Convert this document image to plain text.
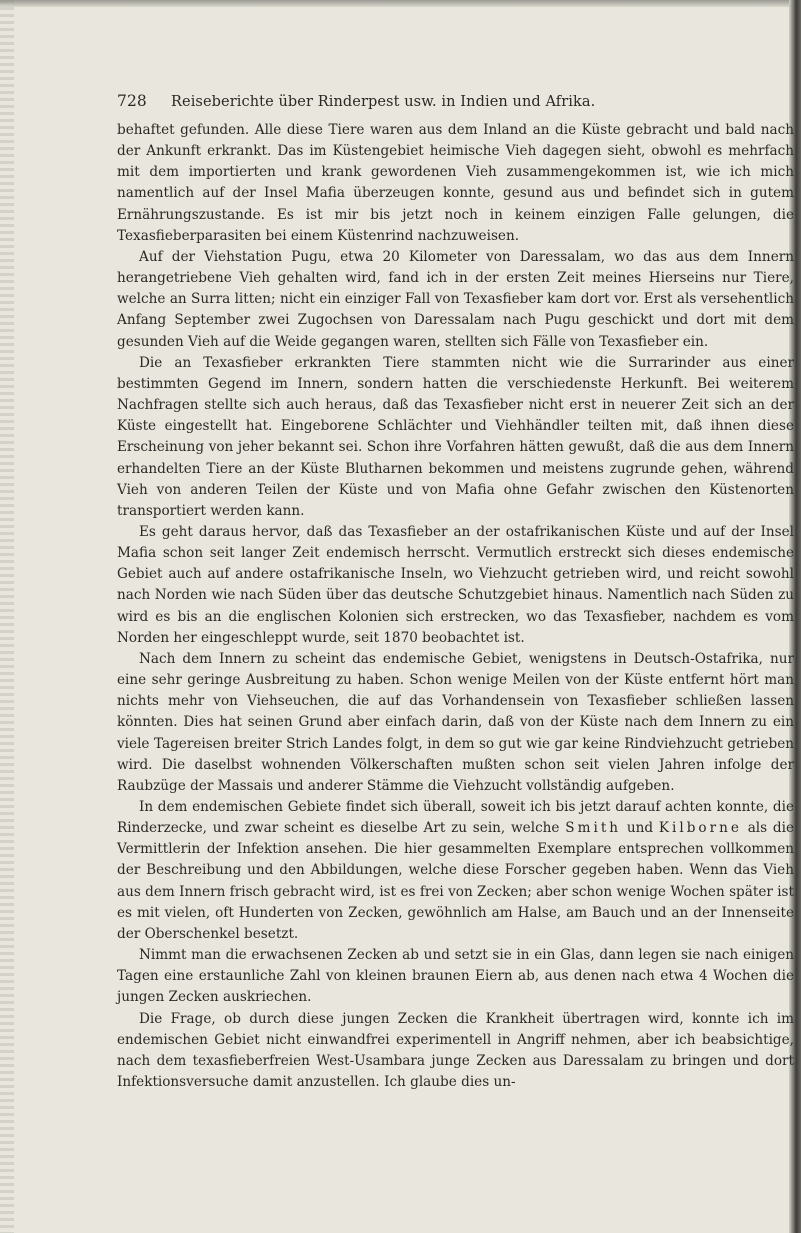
728	Reiseberichte über Rinderpest usw. in Indien und Afrika.

behaftet gefunden. Alle diese Tiere waren aus dem Inland an die Küste gebracht und bald nach der Ankunft erkrankt. Das im Küstengebiet heimische Vieh dagegen sieht, obwohl es mehrfach mit dem importierten und krank gewordenen Vieh zusammengekommen ist, wie ich mich namentlich auf der Insel Mafia überzeugen konnte, gesund aus und befindet sich in gutem Ernährungszustande. Es ist mir bis jetzt noch in keinem einzigen Falle gelungen, die Texasfieberparasiten bei einem Küstenrind nachzuweisen.

Auf der Viehstation Pugu, etwa 20 Kilometer von Daressalam, wo das aus dem Innern herangetriebene Vieh gehalten wird, fand ich in der ersten Zeit meines Hierseins nur Tiere, welche an Surra litten; nicht ein einziger Fall von Texasfieber kam dort vor. Erst als versehentlich Anfang September zwei Zugochsen von Daressalam nach Pugu geschickt und dort mit dem gesunden Vieh auf die Weide gegangen waren, stellten sich Fälle von Texasfieber ein.

Die an Texasfieber erkrankten Tiere stammten nicht wie die Surrarinder aus einer bestimmten Gegend im Innern, sondern hatten die verschiedenste Herkunft. Bei weiterem Nachfragen stellte sich auch heraus, daß das Texasfieber nicht erst in neuerer Zeit sich an der Küste eingestellt hat. Eingeborene Schlächter und Viehhändler teilten mit, daß ihnen diese Erscheinung von jeher bekannt sei. Schon ihre Vorfahren hätten gewußt, daß die aus dem Innern erhandelten Tiere an der Küste Blutharnen bekommen und meistens zugrunde gehen, während Vieh von anderen Teilen der Küste und von Mafia ohne Gefahr zwischen den Küstenorten transportiert werden kann.

Es geht daraus hervor, daß das Texasfieber an der ostafrikanischen Küste und auf der Insel Mafia schon seit langer Zeit endemisch herrscht. Vermutlich erstreckt sich dieses endemische Gebiet auch auf andere ostafrikanische Inseln, wo Viehzucht getrieben wird, und reicht sowohl nach Norden wie nach Süden über das deutsche Schutzgebiet hinaus. Namentlich nach Süden zu wird es bis an die englischen Kolonien sich erstrecken, wo das Texasfieber, nachdem es vom Norden her eingeschleppt wurde, seit 1870 beobachtet ist.

Nach dem Innern zu scheint das endemische Gebiet, wenigstens in Deutsch-Ostafrika, nur eine sehr geringe Ausbreitung zu haben. Schon wenige Meilen von der Küste entfernt hört man nichts mehr von Viehseuchen, die auf das Vorhandensein von Texasfieber schließen lassen könnten. Dies hat seinen Grund aber einfach darin, daß von der Küste nach dem Innern zu ein viele Tagereisen breiter Strich Landes folgt, in dem so gut wie gar keine Rindviehzucht getrieben wird. Die daselbst wohnenden Völkerschaften mußten schon seit vielen Jahren infolge der Raubzüge der Massais und anderer Stämme die Viehzucht vollständig aufgeben.

In dem endemischen Gebiete findet sich überall, soweit ich bis jetzt darauf achten konnte, die Rinderzecke, und zwar scheint es dieselbe Art zu sein, welche Smith und Kilborne als die Vermittlerin der Infektion ansehen. Die hier gesammelten Exemplare entsprechen vollkommen der Beschreibung und den Abbildungen, welche diese Forscher gegeben haben. Wenn das Vieh aus dem Innern frisch gebracht wird, ist es frei von Zecken; aber schon wenige Wochen später ist es mit vielen, oft Hunderten von Zecken, gewöhnlich am Halse, am Bauch und an der Innenseite der Oberschenkel besetzt.

Nimmt man die erwachsenen Zecken ab und setzt sie in ein Glas, dann legen sie nach einigen Tagen eine erstaunliche Zahl von kleinen braunen Eiern ab, aus denen nach etwa 4 Wochen die jungen Zecken auskriechen.

Die Frage, ob durch diese jungen Zecken die Krankheit übertragen wird, konnte ich im endemischen Gebiet nicht einwandfrei experimentell in Angriff nehmen, aber ich beabsichtige, nach dem texasfieberfreien West-Usambara junge Zecken aus Daressalam zu bringen und dort Infektionsversuche damit anzustellen. Ich glaube dies un-
